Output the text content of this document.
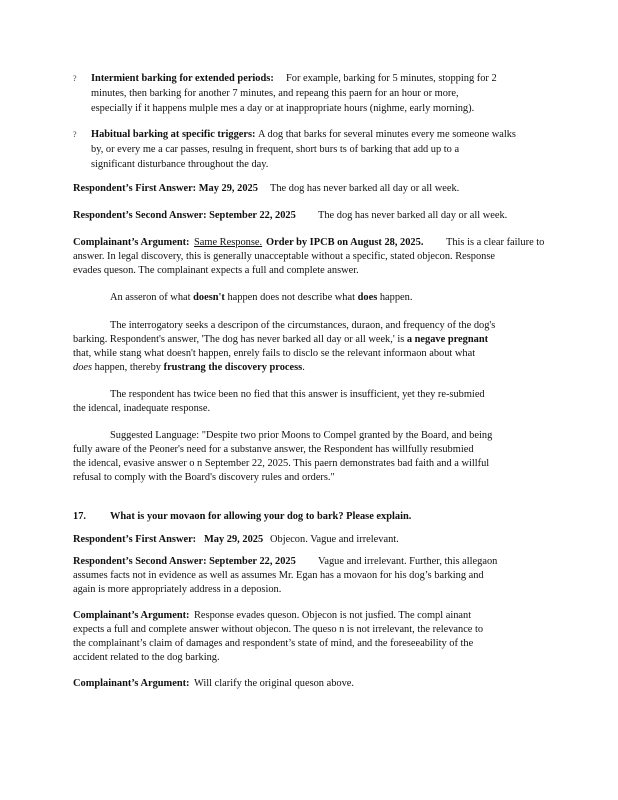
? Intermient barking for extended periods: For example, barking for 5 minutes, stopping for 2
minutes, then barking for another 7 minutes, and repeang this paern for an hour or more,
especially if it happens mulple mes a day or at inappropriate hours (nighme, early morning).
? Habitual barking at specific triggers: A dog that barks for several minutes every me someone walks
by, or every me a car passes, resulng in frequent, short burs ts of barking that add up to a
significant disturbance throughout the day.
Respondent’s First Answer: May 29, 2025 The dog has never barked all day or all week.
Respondent’s Second Answer: September 22, 2025 The dog has never barked all day or all week.
Complainant’s Argument: Same Response. Order by IPCB on August 28, 2025. This is a clear failure to
answer. In legal discovery, this is generally unacceptable without a specific, stated objecon. Response
evades queson. The complainant expects a full and complete answer.
An asseron of what doesn't happen does not describe what does happen.
The interrogatory seeks a descripon of the circumstances, duraon, and frequency of the dog's
barking. Respondent's answer, 'The dog has never barked all day or all week,' is a negave pregnant
that, while stang what doesn't happen, enrely fails to disclo se the relevant informaon about what
does happen, thereby frustrang the discovery process.
The respondent has twice been no fied that this answer is insufficient, yet they re-submied
the idencal, inadequate response.
Suggested Language: "Despite two prior Moons to Compel granted by the Board, and being
fully aware of the Peoner's need for a substanve answer, the Respondent has willfully resubmied
the idencal, evasive answer o n September 22, 2025. This paern demonstrates bad faith and a willful
refusal to comply with the Board's discovery rules and orders."
17. What is your movaon for allowing your dog to bark? Please explain.
Respondent’s First Answer: May 29, 2025 Objecon. Vague and irrelevant.
Respondent’s Second Answer: September 22, 2025 Vague and irrelevant. Further, this allegaon
assumes facts not in evidence as well as assumes Mr. Egan has a movaon for his dog’s barking and
again is more appropriately address in a deposion.
Complainant’s Argument: Response evades queson. Objecon is not jusfied. The compl ainant
expects a full and complete answer without objecon. The queso n is not irrelevant, the relevance to
the complainant’s claim of damages and respondent’s state of mind, and the foreseeability of the
accident related to the dog barking.
Complainant’s Argument: Will clarify the original queson above.
